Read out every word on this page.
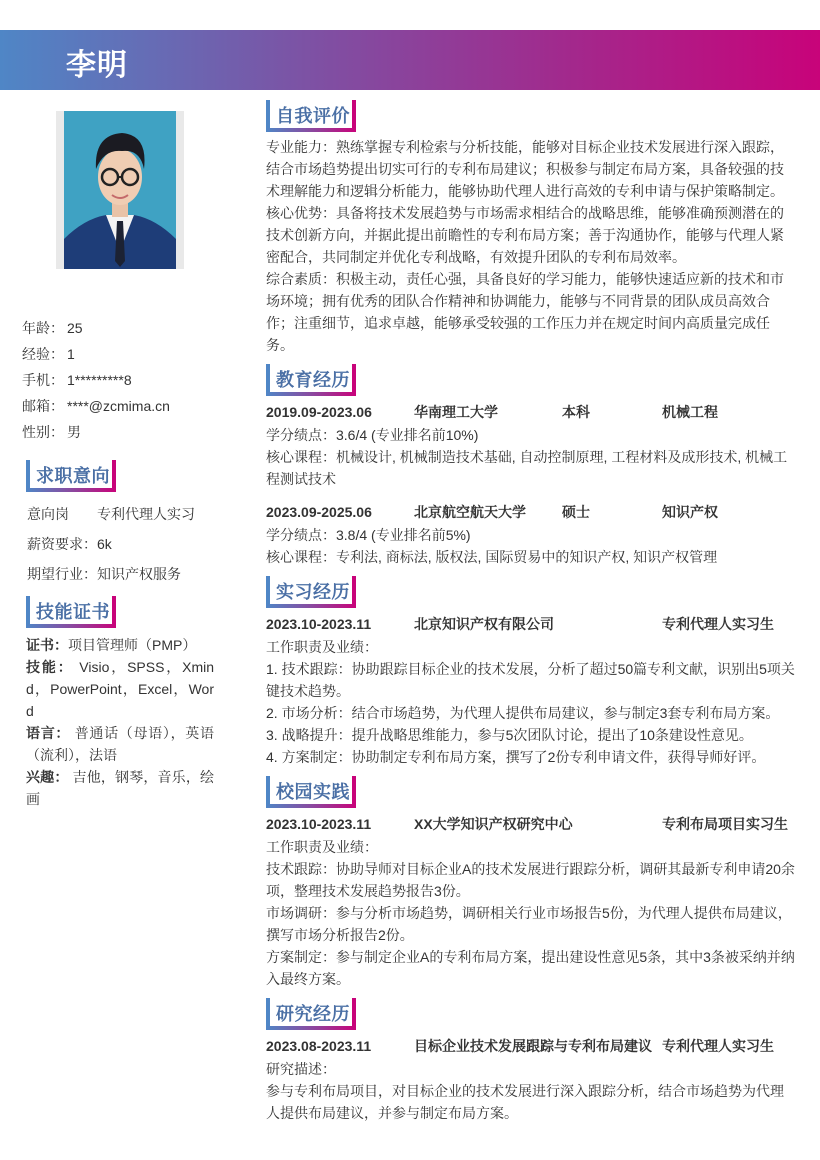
李明
年龄： 25
经验： 1
手机： 1*********8
邮箱： ****@zcmima.cn
性别： 男
求职意向
意向岗 专利代理人实习
薪资要求：6k
期望行业：知识产权服务
技能证书
证书：项目管理师（PMP）
技能： Visio，SPSS，Xmind，PowerPoint，Excel，Word
语言： 普通话（母语），英语（流利），法语
兴趣： 吉他，钢琴，音乐，绘画
自我评价
专业能力：熟练掌握专利检索与分析技能，能够对目标企业技术发展进行深入跟踪，结合市场趋势提出切实可行的专利布局建议；积极参与制定布局方案，具备较强的技术理解能力和逻辑分析能力，能够协助代理人进行高效的专利申请与保护策略制定。
核心优势：具备将技术发展趋势与市场需求相结合的战略思维，能够准确预测潜在的技术创新方向，并据此提出前瞻性的专利布局方案；善于沟通协作，能够与代理人紧密配合，共同制定并优化专利战略，有效提升团队的专利布局效率。
综合素质：积极主动，责任心强，具备良好的学习能力，能够快速适应新的技术和市场环境；拥有优秀的团队合作精神和协调能力，能够与不同背景的团队成员高效合作；注重细节，追求卓越，能够承受较强的工作压力并在规定时间内高质量完成任务。
教育经历
2019.09-2023.06	华南理工大学	本科	机械工程
学分绩点：3.6/4 (专业排名前10%)
核心课程：机械设计, 机械制造技术基础, 自动控制原理, 工程材料及成形技术, 机械工程测试技术
2023.09-2025.06	北京航空航天大学	硕士	知识产权
学分绩点：3.8/4 (专业排名前5%)
核心课程：专利法, 商标法, 版权法, 国际贸易中的知识产权, 知识产权管理
实习经历
2023.10-2023.11	北京知识产权有限公司	专利代理人实习生
工作职责及业绩：
1. 技术跟踪：协助跟踪目标企业的技术发展，分析了超过50篇专利文献，识别出5项关键技术趋势。
2. 市场分析：结合市场趋势，为代理人提供布局建议，参与制定3套专利布局方案。
3. 战略提升：提升战略思维能力，参与5次团队讨论，提出了10条建设性意见。
4. 方案制定：协助制定专利布局方案，撰写了2份专利申请文件，获得导师好评。
校园实践
2023.10-2023.11	XX大学知识产权研究中心	专利布局项目实习生
工作职责及业绩：
技术跟踪：协助导师对目标企业A的技术发展进行跟踪分析，调研其最新专利申请20余项，整理技术发展趋势报告3份。
市场调研：参与分析市场趋势，调研相关行业市场报告5份，为代理人提供布局建议，撰写市场分析报告2份。
方案制定：参与制定企业A的专利布局方案，提出建设性意见5条，其中3条被采纳并纳入最终方案。
研究经历
2023.08-2023.11	目标企业技术发展跟踪与专利布局建议 专利代理人实习生
研究描述：
参与专利布局项目，对目标企业的技术发展进行深入跟踪分析，结合市场趋势为代理人提供布局建议，并参与制定布局方案。
